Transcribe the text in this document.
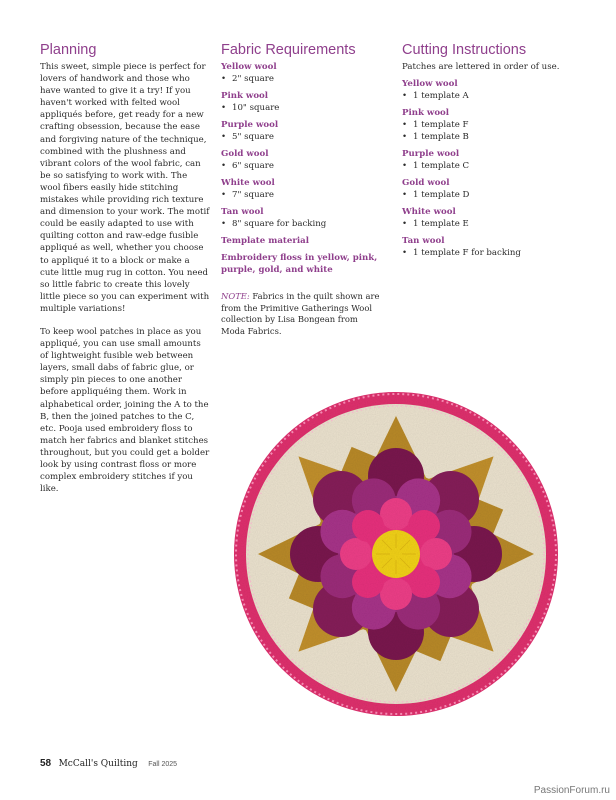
Planning

This sweet, simple piece is perfect for lovers of handwork and those who have wanted to give it a try! If you haven't worked with felted wool appliqués before, get ready for a new crafting obsession, because the ease and forgiving nature of the technique, combined with the plushness and vibrant colors of the wool fabric, can be so satisfying to work with. The wool fibers easily hide stitching mistakes while providing rich texture and dimension to your work. The motif could be easily adapted to use with quilting cotton and raw-edge fusible appliqué as well, whether you choose to appliqué it to a block or make a cute little mug rug in cotton. You need so little fabric to create this lovely little piece so you can experiment with multiple variations!

To keep wool patches in place as you appliqué, you can use small amounts of lightweight fusible web between layers, small dabs of fabric glue, or simply pin pieces to one another before appliquéing them. Work in alphabetical order, joining the A to the B, then the joined patches to the C, etc. Pooja used embroidery floss to match her fabrics and blanket stitches throughout, but you could get a bolder look by using contrast floss or more complex embroidery stitches if you like.

Fabric Requirements

Yellow wool

• 2" square

Pink wool

• 10" square

Purple wool

• 5" square

Gold wool

• 6" square

White wool

• 7" square

Tan wool

• 8" square for backing

Template material

Embroidery floss in yellow, pink, purple, gold, and white

NOTE: Fabrics in the quilt shown are from the Primitive Gatherings Wool collection by Lisa Bongean from Moda Fabrics.

Cutting Instructions

Patches are lettered in order of use.

Yellow wool

• 1 template A

Pink wool

• 1 template F
• 1 template B

Purple wool

• 1 template C

Gold wool

• 1 template D

White wool

• 1 template E

Tan wool

• 1 template F for backing
58 McCall's Quilting Fall 2025
PassionForum.ru
